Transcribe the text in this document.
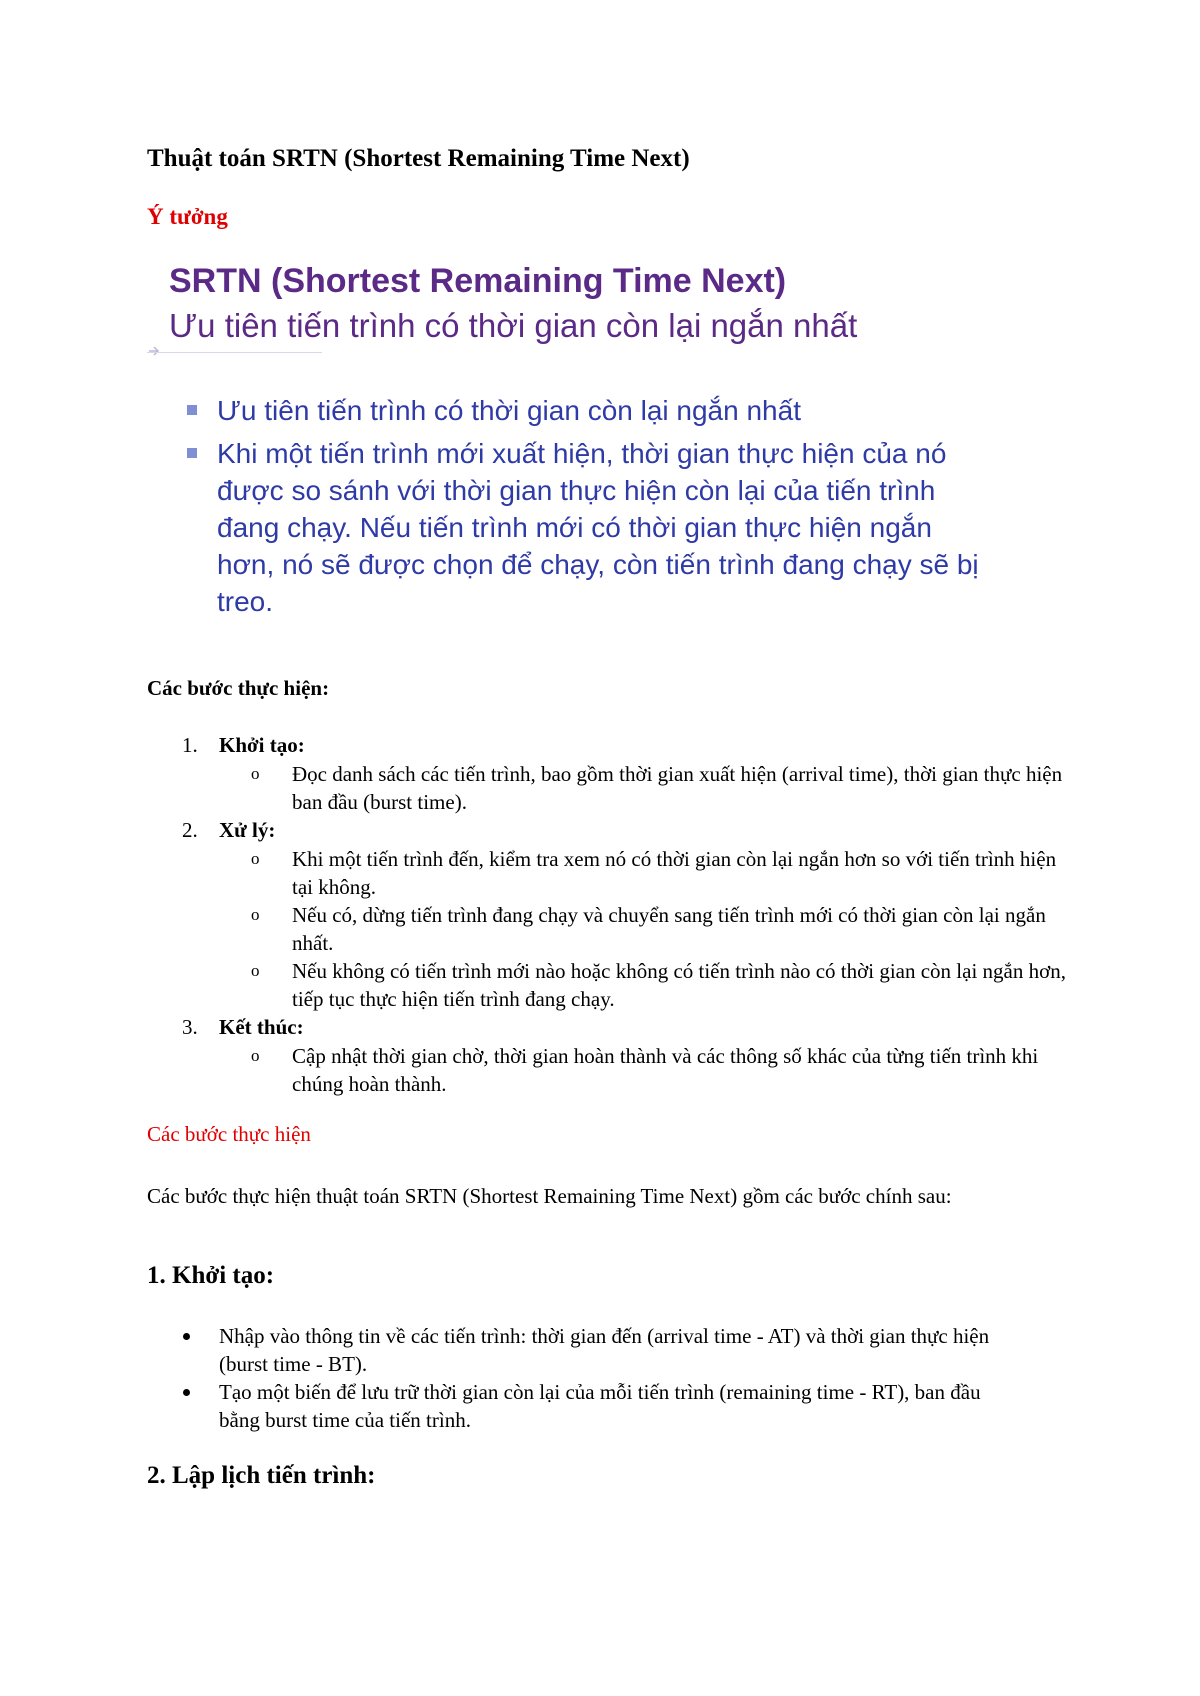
Thuật toán SRTN (Shortest Remaining Time Next)
Ý tưởng
SRTN (Shortest Remaining Time Next)

Ưu tiên tiến trình có thời gian còn lại ngắn nhất

Ưu tiên tiến trình có thời gian còn lại ngắn nhất
Khi một tiến trình mới xuất hiện, thời gian thực hiện của nó được so sánh với thời gian thực hiện còn lại của tiến trình đang chạy. Nếu tiến trình mới có thời gian thực hiện ngắn hơn, nó sẽ được chọn để chạy, còn tiến trình đang chạy sẽ bị treo.

Các bước thực hiện:

1. Khởi tạo:
o Đọc danh sách các tiến trình, bao gồm thời gian xuất hiện (arrival time), thời gian thực hiện ban đầu (burst time).
2. Xử lý:
o Khi một tiến trình đến, kiểm tra xem nó có thời gian còn lại ngắn hơn so với tiến trình hiện tại không.
o Nếu có, dừng tiến trình đang chạy và chuyển sang tiến trình mới có thời gian còn lại ngắn nhất.
o Nếu không có tiến trình mới nào hoặc không có tiến trình nào có thời gian còn lại ngắn hơn, tiếp tục thực hiện tiến trình đang chạy.
3. Kết thúc:
o Cập nhật thời gian chờ, thời gian hoàn thành và các thông số khác của từng tiến trình khi chúng hoàn thành.

Các bước thực hiện

Các bước thực hiện thuật toán SRTN (Shortest Remaining Time Next) gồm các bước chính sau:

1. Khởi tạo:
Nhập vào thông tin về các tiến trình: thời gian đến (arrival time - AT) và thời gian thực hiện (burst time - BT).
Tạo một biến để lưu trữ thời gian còn lại của mỗi tiến trình (remaining time - RT), ban đầu bằng burst time của tiến trình.
2. Lập lịch tiến trình:
